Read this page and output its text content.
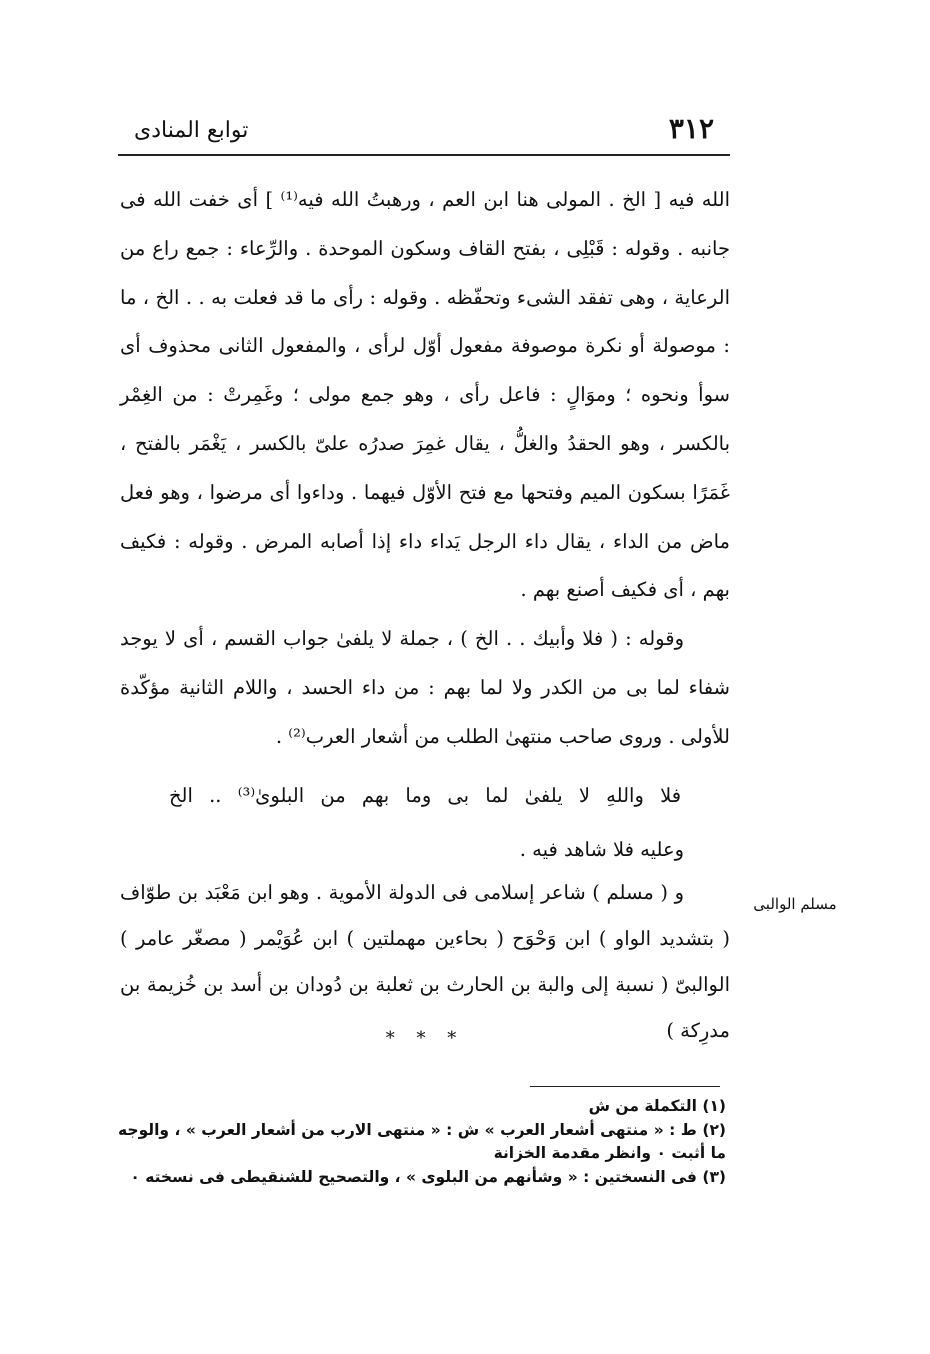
توابع المنادى	٣١٢

الله فيه [ الخ . المولى هنا ابن العم ، ورهبتُ الله فيه⁽¹⁾ ] أى خفت الله فى جانبه . وقوله : قَبْلِى ، بفتح القاف وسكون الموحدة . والرِّعاء : جمع راع من الرعاية ، وهى تفقد الشىء وتحفّظه . وقوله : رأى ما قد فعلت به . . الخ ، ما : موصولة أو نكرة موصوفة مفعول أوّل لرأى ، والمفعول الثانى محذوف أى سوأ ونحوه ؛ وموَالٍ : فاعل رأى ، وهو جمع مولى ؛ وغَمِرتْ : من الغِمْر بالكسر ، وهو الحقدُ والغلُّ ، يقال غمِرَ صدرُه علىّ بالكسر ، يَغْمَر بالفتح ، غَمَرًا بسكون الميم وفتحها مع فتح الأوّل فيهما . وداءوا أى مرضوا ، وهو فعل ماض من الداء ، يقال داء الرجل يَداء داء إذا أصابه المرض . وقوله : فكيف بهم ، أى فكيف أصنع بهم .

وقوله : ( فلا وأبيك . . الخ ) ، جملة لا يلفىٰ جواب القسم ، أى لا يوجد شفاء لما بى من الكدر ولا لما بهم : من داء الحسد ، واللام الثانية مؤكّدة للأولى . وروى صاحب منتهىٰ الطلب من أشعار العرب⁽²⁾ .

فلا واللهِ لا يلفىٰ لما بى وما بهم من البلوىٰ⁽³⁾ .. الخ

وعليه فلا شاهد فيه .

مسلم الوالبى

و ( مسلم ) شاعر إسلامى فى الدولة الأموية . وهو ابن مَعْبَد بن طوّاف ( بتشديد الواو ) ابن وَحْوَح ( بحاءين مهملتين ) ابن عُوَيْمر ( مصغّر عامر ) الوالبىّ ( نسبة إلى والبة بن الحارث بن ثعلبة بن دُودان بن أسد بن خُزيمة بن مدرِكة )

* * *

(١) التكملة من ش

(٢) ط : « منتهى أشعار العرب » ش : « منتهى الارب من أشعار العرب » ، والوجه ما أثبت ٠ وانظر مقدمة الخزانة

(٣) فى النسختين : « وشأنهم من البلوى » ، والتصحيح للشنقيطى فى نسخته ٠
